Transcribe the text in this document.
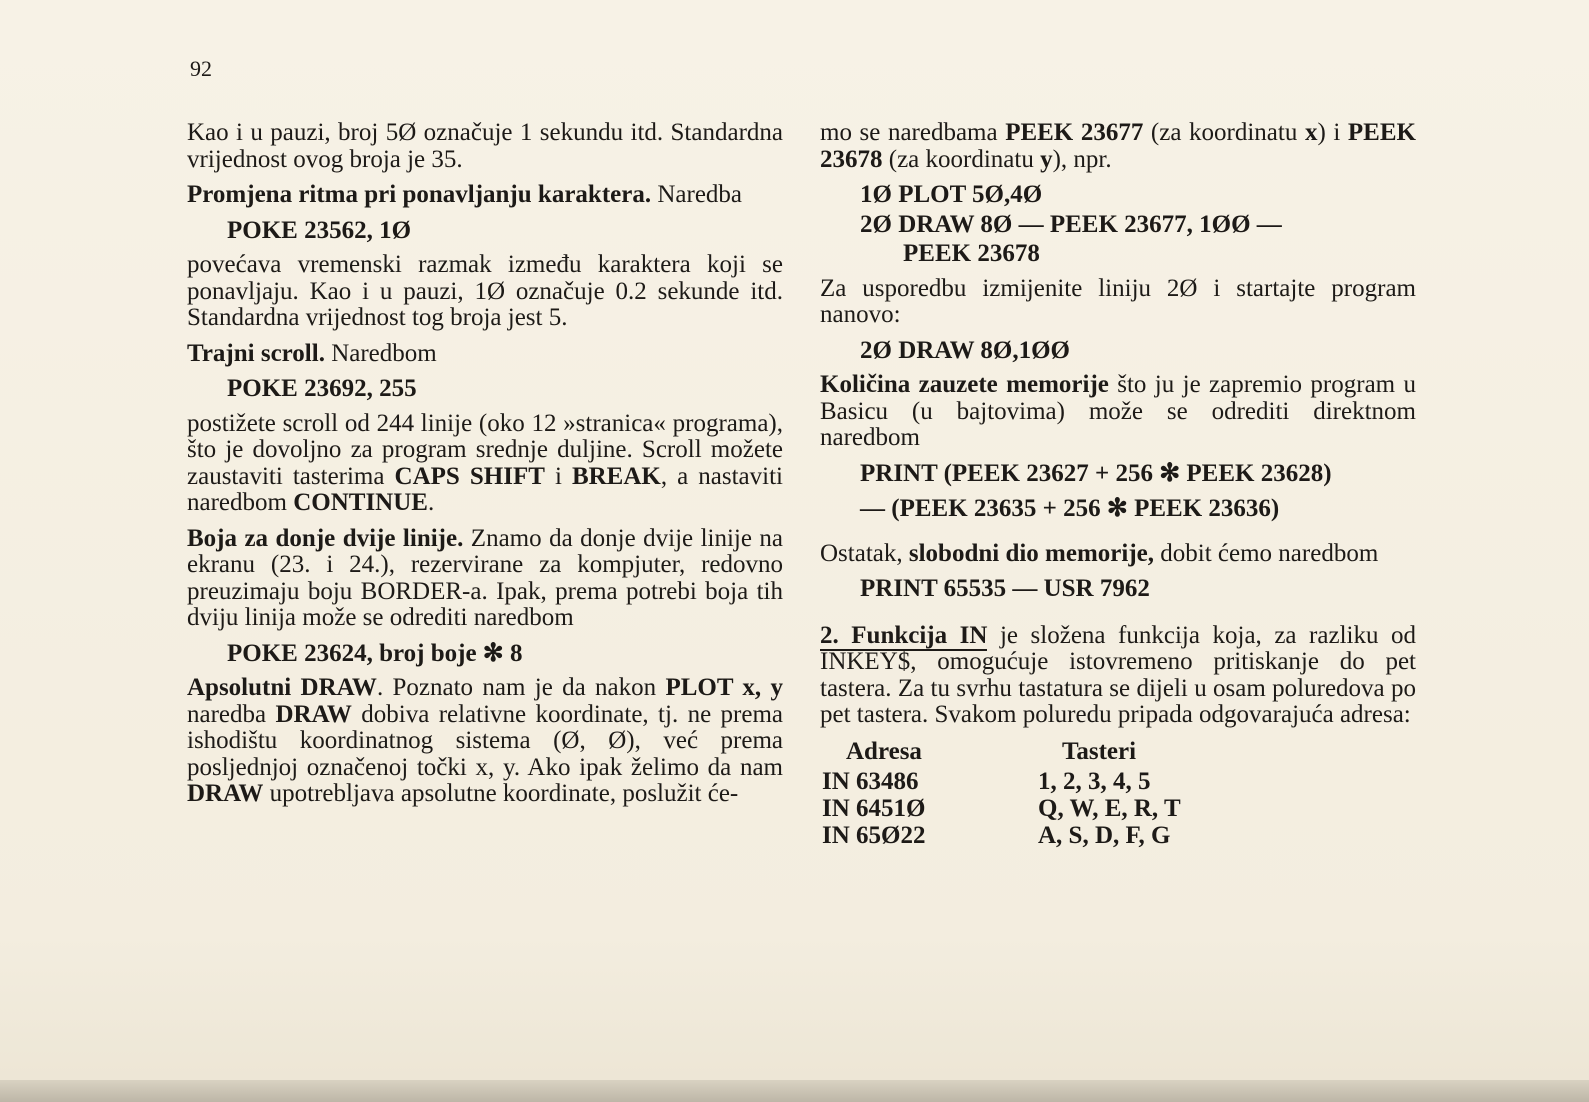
92

Kao i u pauzi, broj 5Ø označuje 1 sekundu itd. Standardna vrijednost ovog broja je 35.

Promjena ritma pri ponavljanju karaktera. Naredba

POKE 23562, 1Ø

povećava vremenski razmak između karaktera koji se ponavljaju. Kao i u pauzi, 1Ø označuje 0.2 sekunde itd. Standardna vrijednost tog broja jest 5.

Trajni scroll. Naredbom

POKE 23692, 255

postižete scroll od 244 linije (oko 12 »stranica« programa), što je dovoljno za program srednje duljine. Scroll možete zaustaviti tasterima CAPS SHIFT i BREAK, a nastaviti naredbom CONTINUE.

Boja za donje dvije linije. Znamo da donje dvije linije na ekranu (23. i 24.), rezervirane za kompjuter, redovno preuzimaju boju BORDER-a. Ipak, prema potrebi boja tih dviju linija može se odrediti naredbom

POKE 23624, broj boje ✻ 8

Apsolutni DRAW. Poznato nam je da nakon PLOT x, y naredba DRAW dobiva relativne koordinate, tj. ne prema ishodištu koordinatnog sistema (Ø, Ø), već prema posljednjoj označenoj točki x, y. Ako ipak želimo da nam DRAW upotrebljava apsolutne koordinate, poslužit će-

mo se naredbama PEEK 23677 (za koordinatu x) i PEEK 23678 (za koordinatu y), npr.

1Ø PLOT 5Ø,4Ø
2Ø DRAW 8Ø — PEEK 23677, 1ØØ —
PEEK 23678

Za usporedbu izmijenite liniju 2Ø i startajte program nanovo:

2Ø DRAW 8Ø,1ØØ

Količina zauzete memorije što ju je zapremio program u Basicu (u bajtovima) može se odrediti direktnom naredbom

PRINT (PEEK 23627 + 256 ✻ PEEK 23628)
— (PEEK 23635 + 256 ✻ PEEK 23636)

Ostatak, slobodni dio memorije, dobit ćemo naredbom

PRINT 65535 — USR 7962

2. Funkcija IN je složena funkcija koja, za razliku od INKEY$, omogućuje istovremeno pritiskanje do pet tastera. Za tu svrhu tastatura se dijeli u osam poluredova po pet tastera. Svakom poluredu pripada odgovarajuća adresa:

Adresa	Tasteri
IN 63486	1, 2, 3, 4, 5
IN 6451Ø	Q, W, E, R, T
IN 65Ø22	A, S, D, F, G
